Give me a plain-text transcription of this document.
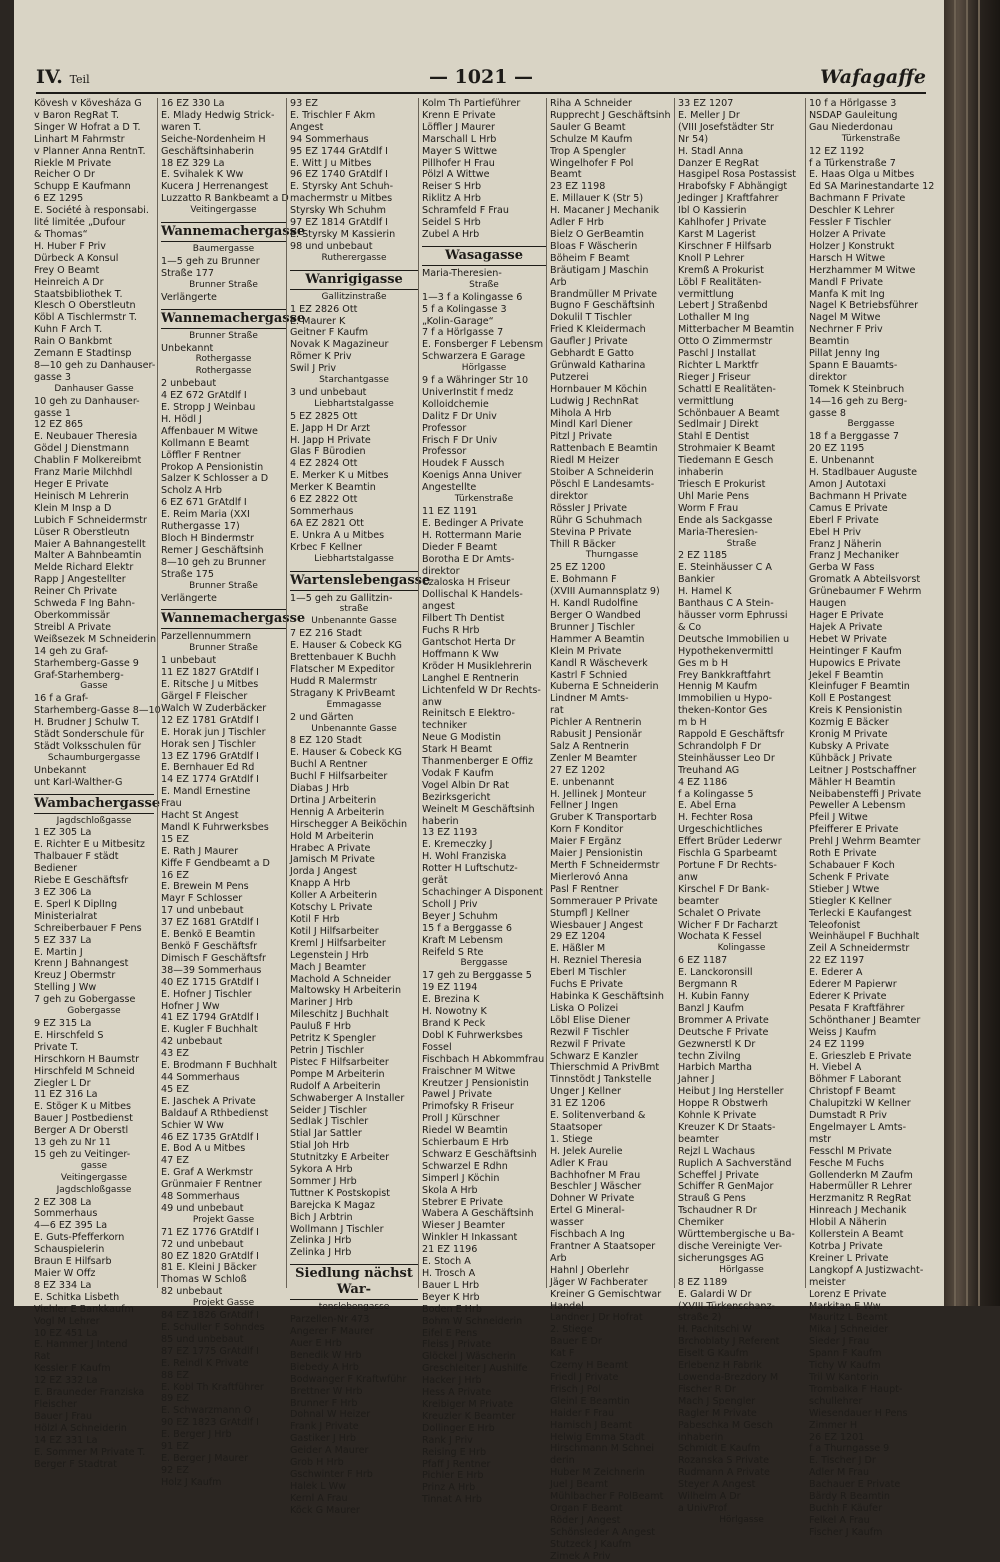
IV. Teil	— 1021 —	Wafagaffe
Kövesh v Kövesháza G
v Baron RegRat T.
Singer W Hofrat a D T.
Linhart M Fahrmstr
v Planner Anna RentnT.
Riekle M Private
Reicher O Dr
Schupp E Kaufmann
6 EZ 1295
E. Société à responsabi.
lité limitée „Dufour
& Thomas“
H. Huber F Priv
Dürbeck A Konsul
Frey O Beamt
Heinreich A Dr
Staatsbibliothek T.
Klesch O Oberstleutn
Köbl A Tischlermstr T.
Kuhn F Arch T.
Rain O Bankbmt
Zemann E Stadtinsp
8—10 geh zu Danhauser-
gasse 3
Danhauser Gasse
10 geh zu Danhauser-
gasse 1
12 EZ 865
E. Neubauer Theresia
Gödel J Dienstmann
Chablin F Molkereibmt
Franz Marie Milchhdl
Heger E Private
Heinisch M Lehrerin
Klein M Insp a D
Lubich F Schneidermstr
Lüser R Oberstleutn
Maier A Bahnangestellt
Malter A Bahnbeamtin
Melde Richard Elektr
Rapp J Angestellter
Reiner Ch Private
Schweda F Ing Bahn-
Oberkommissär
Streibl A Private
Weißsezek M Schneiderin
14 geh zu Graf-
Starhemberg-Gasse 9
Graf-Starhemberg-
Gasse
16 f a Graf-
Starhemberg-Gasse 8—10
H. Brudner J Schulw T.
Städt Sonderschule für
Städt Volksschulen für
Schaumburgergasse
Unbekannt
unt Karl-Walther-G
Wambachergasse
Jagdschloßgasse
1 EZ 305 La
E. Richter E u Mitbesitz
Thalbauer F städt
Bediener
Riebe E Geschäftsfr
3 EZ 306 La
E. Sperl K DiplIng
Ministerialrat
Schreiberbauer F Pens
5 EZ 337 La
E. Martin J
Krenn J Bahnangest
Kreuz J Obermstr
Stelling J Ww
7 geh zu Gobergasse
Gobergasse
9 EZ 315 La
E. Hirschfeld S
Private T.
Hirschkorn H Baumstr
Hirschfeld M Schneid
Ziegler L Dr
11 EZ 316 La
E. Stöger K u Mitbes
Bauer J Postbedienst
Berger A Dr Oberstl
13 geh zu Nr 11
15 geh zu Veitinger-
gasse
Veitingergasse
Jagdschloßgasse
2 EZ 308 La
Sommerhaus
4—6 EZ 395 La
E. Guts-Pfefferkorn
Schauspielerin
Braun E Hilfsarb
Maier W Offz
8 EZ 334 La
E. Schitka Lisbeth
Viehler E Bankkaufm
Vogl M Lehrer
10 EZ 451 La
E. Hammer J Intend
Rat
Kessler F Kaufm
12 EZ 332 La
E. Brauneder Franziska
Fleischer
Bauer J Frau
Hölzl A Schneiderin
14 EZ 331 La
E. Sommer M Private T.
Berger F Stadtrat
16 EZ 330 La
E. Mlady Hedwig Strick-
waren T.
Seiche-Nordenheim H
Geschäftsinhaberin
18 EZ 329 La
E. Svihalek K Ww
Kucera J Herrenangest
Luzzatto R Bankbeamt a D
Veitingergasse
Wannemachergasse
Baumergasse
1—5 geh zu Brunner
Straße 177
Brunner Straße
Verlängerte
Wannemachergasse
Brunner Straße
Unbekannt
Rothergasse
Rothergasse
2 unbebaut
4 EZ 672 GrAtdlf I
E. Stropp J Weinbau
H. Hödl J
Affenbauer M Witwe
Kollmann E Beamt
Löffler F Rentner
Prokop A Pensionistin
Salzer K Schlosser a D
Scholz A Hrb
6 EZ 671 GrAtdlf I
E. Reim Maria (XXI
Ruthergasse 17)
Bloch H Bindermstr
Remer J Geschäftsinh
8—10 geh zu Brunner
Straße 175
Brunner Straße
Verlängerte
Wannemachergasse
Parzellennummern
Brunner Straße
1 unbebaut
11 EZ 1827 GrAtdlf I
E. Ritsche J u Mitbes
Gärgel F Fleischer
Walch W Zuderbäcker
12 EZ 1781 GrAtdlf I
E. Horak jun J Tischler
Horak sen J Tischler
13 EZ 1796 GrAtdlf I
E. Bernhauer Ed Rd
14 EZ 1774 GrAtdlf I
E. Mandl Ernestine
Frau
Hacht St Angest
Mandl K Fuhrwerksbes
15 EZ
E. Rath J Maurer
Kiffe F Gendbeamt a D
16 EZ
E. Brewein M Pens
Mayr F Schlosser
17 und unbebaut
37 EZ 1681 GrAtdlf I
E. Benkö E Beamtin
Benkö F Geschäftsfr
Dimisch F Geschäftsfr
38—39 Sommerhaus
40 EZ 1715 GrAtdlf I
E. Hofner J Tischler
Hofner J Ww
41 EZ 1794 GrAtdlf I
E. Kugler F Buchhalt
42 unbebaut
43 EZ
E. Brodmann F Buchhalt
44 Sommerhaus
45 EZ
E. Jaschek A Private
Baldauf A Rthbedienst
Schier W Ww
46 EZ 1735 GrAtdlf I
E. Bod A u Mitbes
47 EZ
E. Graf A Werkmstr
Grünmaier F Rentner
48 Sommerhaus
49 und unbebaut
Projekt Gasse
71 EZ 1776 GrAtdlf I
72 und unbebaut
80 EZ 1820 GrAtdlf I
81 E. Kleini J Bäcker
Thomas W Schloß
82 unbebaut
Projekt Gasse
84 EZ 1826 GrAtdlf I
E. Schuller F Sohndes
85 und unbebaut
87 EZ 1775 GrAtdlf I
E. Reindl K Private
88 EZ
E. Kobl Th Kraftführer
89 EZ
E. Schwarzmann O
90 EZ 1823 GrAtdlf I
E. Berger J Hrb
91 EZ
E. Berger J Maurer
92 EZ
Holz J Kaufm
93 EZ
E. Trischler F Akm
Angest
94 Sommerhaus
95 EZ 1744 GrAtdlf I
E. Witt J u Mitbes
96 EZ 1740 GrAtdlf I
E. Styrsky Ant Schuh-
machermstr u Mitbes
Styrsky Wh Schuhm
97 EZ 1814 GrAtdlf I
E. Styrsky M Kassierin
98 und unbebaut
Rutherergasse
Wanrigigasse
Gallitzinstraße
1 EZ 2826 Ott
E. Maurer K
Geitner F Kaufm
Novak K Magazineur
Römer K Priv
Swil J Priv
Starchantgasse
3 und unbebaut
Liebhartstalgasse
5 EZ 2825 Ott
E. Japp H Dr Arzt
H. Japp H Private
Glas F Bürodien
4 EZ 2824 Ott
E. Merker K u Mitbes
Merker K Beamtin
6 EZ 2822 Ott
Sommerhaus
6A EZ 2821 Ott
E. Unkra A u Mitbes
Krbec F Kellner
Liebhartstalgasse
Wartenslebengasse
1—5 geh zu Gallitzin-
straße
Unbenannte Gasse
7 EZ 216 Stadt
E. Hauser & Cobeck KG
Brettenbauer K Buchh
Flatscher M Expeditor
Hudd R Malermstr
Stragany K PrivBeamt
Emmagasse
2 und Gärten
Unbenannte Gasse
8 EZ 120 Stadt
E. Hauser & Cobeck KG
Buchl A Rentner
Buchl F Hilfsarbeiter
Diabas J Hrb
Drtina J Arbeiterin
Hennig A Arbeiterin
Hirschegger A Beiköchin
Hold M Arbeiterin
Hrabec A Private
Jamisch M Private
Jorda J Angest
Knapp A Hrb
Koller A Arbeiterin
Kotschy L Private
Kotil F Hrb
Kotil J Hilfsarbeiter
Kreml J Hilfsarbeiter
Legenstein J Hrb
Mach J Beamter
Machold A Schneider
Maltowsky H Arbeiterin
Mariner J Hrb
Mileschitz J Buchhalt
Pauluß F Hrb
Petritz K Spengler
Petrin J Tischler
Pistec F Hilfsarbeiter
Pompe M Arbeiterin
Rudolf A Arbeiterin
Schwaberger A Installer
Seider J Tischler
Sedlak J Tischler
Stial Jar Sattler
Stial Joh Hrb
Stutnitzky E Arbeiter
Sykora A Hrb
Sommer J Hrb
Tuttner K Postskopist
Barejcka K Magaz
Bich J Arbtrin
Wollmann J Tischler
Zelinka J Hrb
Zelinka J Hrb
Siedlung nächst War-
tenslebengasse
Parzellen-Nr 473
Angerer F Maurer
Auer E Hrb
Benedik W Hrb
Biebedy A Hrb
Bodwanger F Kraftwführ
Brettner W Hrb
Brunner F Hrb
Dohnal W Heizer
Frank J Private
Gastiker J Hrb
Geider A Maurer
Grob H Hrb
Gschwinter F Hrb
Halek L Ww
Kernl A Frau
Köck G Maurer
Kolm Th Partieführer
Krenn E Private
Löffler J Maurer
Marschall L Hrb
Mayer S Wittwe
Pillhofer H Frau
Pölzl A Wittwe
Reiser S Hrb
Riklitz A Hrb
Schramfeld F Frau
Seidel S Hrb
Zubel A Hrb
Wasagasse
Maria-Theresien-
Straße
1—3 f a Kolingasse 6
5 f a Kolingasse 3
„Kolin-Garage“
7 f a Hörlgasse 7
E. Fonsberger F Lebensm
Schwarzera E Garage
Hörlgasse
9 f a Währinger Str 10
UniverInstit f medz
Kolloidchemie
Dalitz F Dr Univ
Professor
Frisch F Dr Univ
Professor
Houdek F Aussch
Koenigs Anna Univer
Angestellte
Türkenstraße
11 EZ 1191
E. Bedinger A Private
H. Rottermann Marie
Dieder F Beamt
Borotha E Dr Amts-
direktor
Czaloska H Friseur
Dollischal K Handels-
angest
Filbert Th Dentist
Fuchs R Hrb
Gantschot Herta Dr
Hoffmann K Ww
Kröder H Musiklehrerin
Langhel E Rentnerin
Lichtenfeld W Dr Rechts-
anw
Reinitsch E Elektro-
techniker
Neue G Modistin
Stark H Beamt
Thanmenberger E Offiz
Vodak F Kaufm
Vogel Albin Dr Rat
Bezirksgericht
Weinelt M Geschäftsinh
haberin
13 EZ 1193
E. Kremeczky J
H. Wohl Franziska
Rotter H Luftschutz-
gerät
Schachinger A Disponent
Scholl J Priv
Beyer J Schuhm
15 f a Berggasse 6
Kraft M Lebensm
Reifeld S Rte
Berggasse
17 geh zu Berggasse 5
19 EZ 1194
E. Brezina K
H. Nowotny K
Brand K Peck
Dobl K Fuhrwerksbes
Fossel
Fischbach H Abkommfrau
Fraischner M Witwe
Kreutzer J Pensionistin
Pawel J Private
Primofsky R Friseur
Proll J Kürschner
Riedel W Beamtin
Schierbaum E Hrb
Schwarz E Geschäftsinh
Schwarzel E Rdhn
Simperl J Köchin
Skola A Hrb
Stebrer E Private
Wabera A Geschäftsinh
Wieser J Beamter
Winkler H Inkassant
21 EZ 1196
E. Stoch A
H. Trosch A
Bauer L Hrb
Beyer K Hrb
Boden E Hrb
Bohm W Schneiderin
Eifel E Pens
Fleiss J Private
Glöckel J Wäscherin
Greschleiter J Aushilfe
Hacker J Hrb
Hess A Private
Kreibiger M Private
Kreuzler K Beamter
Dollinger E Hrb
Rank J Priv
Reising E Hrb
Pfaff J Rentner
Pichler E Hrb
Prinz A Hrb
Tinnat A Hrb
Riha A Schneider
Rupprecht J Geschäftsinh
Sauler G Beamt
Schulze M Kaufm
Trop A Spengler
Wingelhofer F Pol
Beamt
23 EZ 1198
E. Millauer K (Str 5)
H. Macaner J Mechanik
Adler F Hrb
Bielz O GerBeamtin
Bloas F Wäscherin
Böheim F Beamt
Bräutigam J Maschin
Arb
Brandmüller M Private
Bugno F Geschäftsinh
Dokulil T Tischler
Fried K Kleidermach
Gaufler J Private
Gebhardt E Gatto
Grünwald Katharina
Putzerei
Hornbauer M Köchin
Ludwig J RechnRat
Mihola A Hrb
Mindl Karl Diener
Pitzl J Private
Rattenbach E Beamtin
Riedl M Heizer
Stoiber A Schneiderin
Pöschl E Landesamts-
direktor
Rössler J Private
Rühr G Schuhmach
Stevina P Private
Thill R Bäcker
Thurngasse
25 EZ 1200
E. Bohmann F
(XVIII Aumannsplatz 9)
H. Kandl Rudolfine
Berger O Wandbed
Brunner J Tischler
Hammer A Beamtin
Klein M Private
Kandl R Wäscheverk
Kastrl F Schnied
Kuberna E Schneiderin
Lindner M Amts-
rat
Pichler A Rentnerin
Rabusit J Pensionär
Salz A Rentnerin
Zenler M Beamter
27 EZ 1202
E. unbenannt
H. Jellinek J Monteur
Fellner J Ingen
Gruber K Transportarb
Korn F Konditor
Maier F Ergänz
Maier J Pensionistin
Merth F Schneidermstr
Mierlerovó Anna
Pasl F Rentner
Sommerauer P Private
Stumpfl J Kellner
Wiesbauer J Angest
29 EZ 1204
E. Häßler M
H. Rezniel Theresia
Eberl M Tischler
Fuchs E Private
Habinka K Geschäftsinh
Liska O Polizei
Löbl Elise Diener
Rezwil F Tischler
Rezwil F Private
Schwarz E Kanzler
Thierschmid A PrivBmt
Tinnstödt J Tankstelle
Unger J Kellner
31 EZ 1206
E. Solitenverband &
Staatsoper
1. Stiege
H. Jelek Aurelie
Adler K Frau
Bachhofner M Frau
Beschler J Wäscher
Dohner W Private
Ertel G Mineral-
wasser
Fischbach A Ing
Frantner A Staatsoper
Arb
Hahnl J Oberlehr
Jäger W Fachberater
Kreiner G Gemischtwar
Handel
Landner J Dr Hofrat
2. Stiege
Bauer E Dr
Kat F
Czerny H Beamt
Friedl J Private
Frisch J Pol
Gleinl E Beamtin
Haider F Frau
Hamisch J Beamt
Helwig Emma Stadt
Hirschmann M Schnei
derin
Huber M Zeichnerin
Juel J Beamt
Mühlbacher F PolBeamt
Organ F Beamt
Röder J Angest
Schönsleder A Angest
Stutzeck J Kaufm
Zimek A Priv
33 EZ 1207
E. Meller J Dr
(VIII Josefstädter Str
Nr 54)
H. Stadl Anna
Danzer E RegRat
Hasgipel Rosa Postassist
Hrabofsky F Abhängigt
Jedinger J Kraftfahrer
Ibl O Kassierin
Kahlhofer J Private
Karst M Lagerist
Kirschner F Hilfsarb
Knoll P Lehrer
Kremß A Prokurist
Löbl F Realitäten-
vermittlung
Lebert J Straßenbd
Lothaller M Ing
Mitterbacher M Beamtin
Otto O Zimmermstr
Paschl J Installat
Richter L Marktfr
Rieger J Friseur
Schattl E Realitäten-
vermittlung
Schönbauer A Beamt
Sedlmair J Direkt
Stahl E Dentist
Strohmaier K Beamt
Tiedemann E Gesch
inhaberin
Triesch E Prokurist
Uhl Marie Pens
Worm F Frau
Ende als Sackgasse
Maria-Theresien-
Straße
2 EZ 1185
E. Steinhäusser C A
Bankier
H. Hamel K
Banthaus C A Stein-
häusser vorm Ephrussi
& Co
Deutsche Immobilien u
Hypothekenvermittl
Ges m b H
Frey Bankkraftfahrt
Hennig M Kaufm
Immobilien u Hypo-
theken-Kontor Ges
m b H
Rappold E Geschäftsfr
Schrandolph F Dr
Steinhäusser Leo Dr
Treuhand AG
4 EZ 1186
f a Kolingasse 5
E. Abel Erna
H. Fechter Rosa
Urgeschichtliches
Effert Brüder Lederwr
Fischla G Sparbeamt
Portune F Dr Rechts-
anw
Kirschel F Dr Bank-
beamter
Schalet O Private
Wicher F Dr Facharzt
Wochata K Fessel
Kolingasse
6 EZ 1187
E. Lanckoronsill
Bergmann R
H. Kubin Fanny
Banzl J Kaufm
Brommer A Private
Deutsche F Private
Gezwnerstl K Dr
techn Zivilng
Harbich Martha
Jahner J
Heibut J Ing Hersteller
Hoppe R Obstwerh
Kohnle K Private
Kreuzer K Dr Staats-
beamter
Rejzl L Wachaus
Ruplich A Sachverständ
Scheffel J Private
Schiffer R GenMajor
Strauß G Pens
Tschaudner R Dr
Chemiker
Württembergische u Ba-
dische Vereinigte Ver-
sicherungsges AG
Hörlgasse
8 EZ 1189
E. Galardi W Dr
(XVIII Türkenschanz-
straße 2)
H. Pachitschi W
Brchoblaty J Referent
Eiselt G Kaufm
Erlebenz H Fabrik
Lowenda-Brezdory M
Fischer R Dr
Mach J Spengler
Ragler M Private
Pabeschka M Gesch
inhaberin
Schmidt E Kaufm
Rozanska S Private
Rudmann A Private
Steyer A Angest
Wilhelm A Dr
a UnivProf
Hörlgasse
10 f a Hörlgasse 3
NSDAP Gauleitung
Gau Niederdonau
Türkenstraße
12 EZ 1192
f a Türkenstraße 7
E. Haas Olga u Mitbes
Ed SA Marinestandarte 12
Bachmann F Private
Deschler K Lehrer
Fessler F Tischler
Holzer A Private
Holzer J Konstrukt
Harsch H Witwe
Herzhammer M Witwe
Mandl F Private
Manfa K mit Ing
Nagel K Betriebsführer
Nagel M Witwe
Nechrner F Priv
Beamtin
Pillat Jenny Ing
Spann E Bauamts-
direktor
Tomek K Steinbruch
14—16 geh zu Berg-
gasse 8
Berggasse
18 f a Berggasse 7
20 EZ 1195
E. Unbenannt
H. Stadlbauer Auguste
Amon J Autotaxi
Bachmann H Private
Camus E Private
Eberl F Private
Ebel H Priv
Franz J Näherin
Franz J Mechaniker
Gerba W Fass
Gromatk A Abteilsvorst
Grünebaumer F Wehrm
Haugen
Hager E Private
Hajek A Private
Hebet W Private
Heintinger F Kaufm
Hupowics E Private
Jekel F Beamtin
Kleinfuger F Beamtin
Koll E Postangest
Kreis K Pensionistin
Kozmig E Bäcker
Kronig M Private
Kubsky A Private
Kühbäck J Private
Leitner J Postschaffner
Mähler H Beamtin
Neibabensteffi J Private
Peweller A Lebensm
Pfeil J Witwe
Pfeifferer E Private
Prehl J Wehrm Beamter
Roth E Private
Schabauer F Koch
Schenk F Private
Stieber J Wtwe
Stiegler K Kellner
Terlecki E Kaufangest
Teleofonist
Weinhäupel F Buchhalt
Zeil A Schneidermstr
22 EZ 1197
E. Ederer A
Ederer M Papierwr
Ederer K Private
Pesata F Kraftfährer
Schönthaner J Beamter
Weiss J Kaufm
24 EZ 1199
E. Grieszleb E Private
H. Viebel A
Böhmer F Laborant
Christopf F Beamt
Chalupitzki W Kellner
Dumstadt R Priv
Engelmayer L Amts-
mstr
Fesschl M Private
Fesche M Fuchs
Gollenderkn M Zaufm
Habermüller R Lehrer
Herzmanitz R RegRat
Hinreach J Mechanik
Hlobil A Näherin
Kollerstein A Beamt
Kotrba J Private
Kreiner L Private
Langkopf A Justizwacht-
meister
Lorenz E Private
Markitan E Ww
Mauritz L Beamt
Mika J Schneider
Sieder J Frau
Spann F Kaufm
Tichy W Kaufm
Tril W Kantorin
Trombalka F Haupt-
schullehrer
Wiesendauer H Pens
Zimmer H
26 EZ 1201
f a Thurngasse 9
E. Tischer J Dr
Adler M Frau
Bachauer E Private
Bärdy R Beamtin
Buchh F Käufer
Felkel A Frau
Fischer J Kaufm
